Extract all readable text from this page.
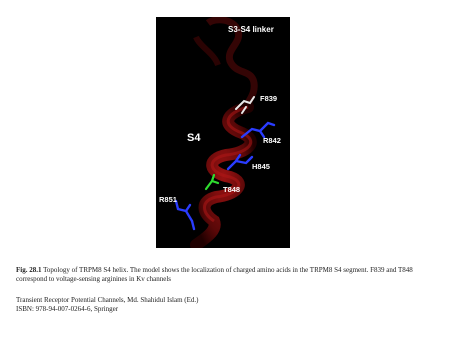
S3-S4 linker
F839
S4	R842
H845
T848
R851
Fig. 28.1 Topology of TRPM8 S4 helix. The model shows the localization of charged amino acids in the TRPM8 S4 segment. F839 and T848 correspond to voltage-sensing arginines in Kv channels
Transient Receptor Potential Channels, Md. Shahidul Islam (Ed.)
ISBN: 978-94-007-0264-6, Springer
